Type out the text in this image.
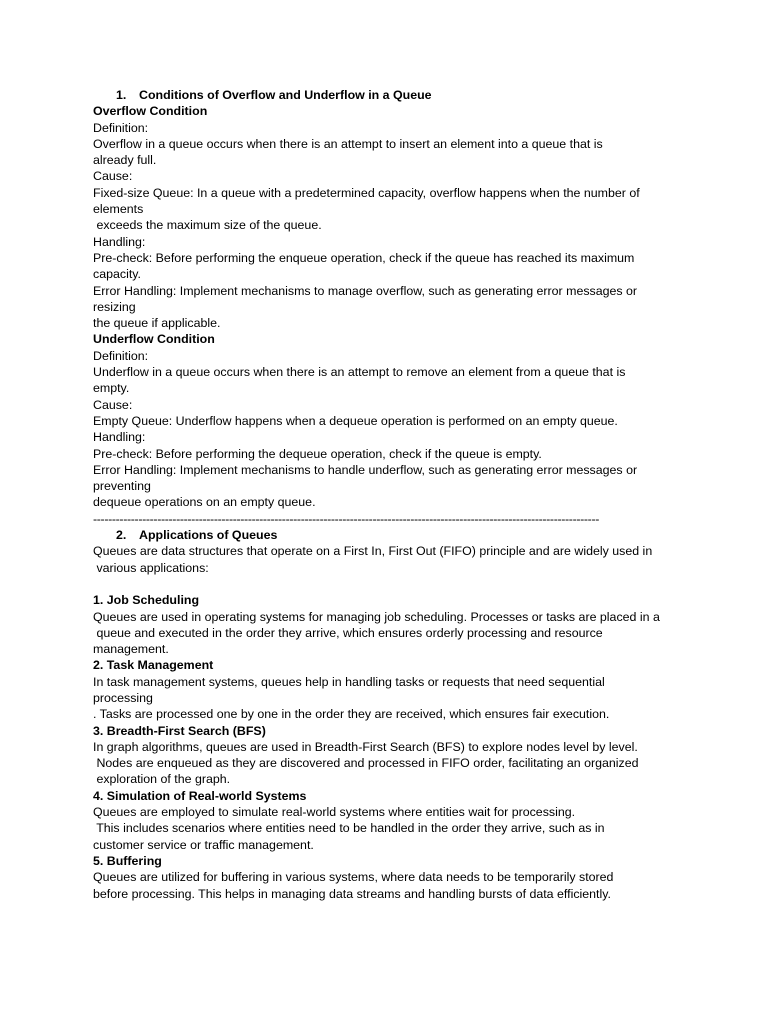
1.

Conditions of Overflow and Underflow in a Queue

Overflow Condition
Definition:
Overflow in a queue occurs when there is an attempt to insert an element into a queue that is
already full.
Cause:
Fixed-size Queue: In a queue with a predetermined capacity, overflow happens when the number of
elements
exceeds the maximum size of the queue.
Handling:
Pre-check: Before performing the enqueue operation, check if the queue has reached its maximum
capacity.
Error Handling: Implement mechanisms to manage overflow, such as generating error messages or
resizing
the queue if applicable.
Underflow Condition
Definition:
Underflow in a queue occurs when there is an attempt to remove an element from a queue that is
empty.
Cause:
Empty Queue: Underflow happens when a dequeue operation is performed on an empty queue.
Handling:
Pre-check: Before performing the dequeue operation, check if the queue is empty.
Error Handling: Implement mechanisms to handle underflow, such as generating error messages or
preventing
dequeue operations on an empty queue.
--------------------------------------------------------------------------------------------------------------------------------------

2.

Applications of Queues

Queues are data structures that operate on a First In, First Out (FIFO) principle and are widely used in
various applications:
1. Job Scheduling
Queues are used in operating systems for managing job scheduling. Processes or tasks are placed in a
queue and executed in the order they arrive, which ensures orderly processing and resource
management.
2. Task Management
In task management systems, queues help in handling tasks or requests that need sequential
processing
. Tasks are processed one by one in the order they are received, which ensures fair execution.
3. Breadth-First Search (BFS)
In graph algorithms, queues are used in Breadth-First Search (BFS) to explore nodes level by level.
Nodes are enqueued as they are discovered and processed in FIFO order, facilitating an organized
exploration of the graph.
4. Simulation of Real-world Systems
Queues are employed to simulate real-world systems where entities wait for processing.
This includes scenarios where entities need to be handled in the order they arrive, such as in
customer service or traffic management.
5. Buffering
Queues are utilized for buffering in various systems, where data needs to be temporarily stored
before processing. This helps in managing data streams and handling bursts of data efficiently.
